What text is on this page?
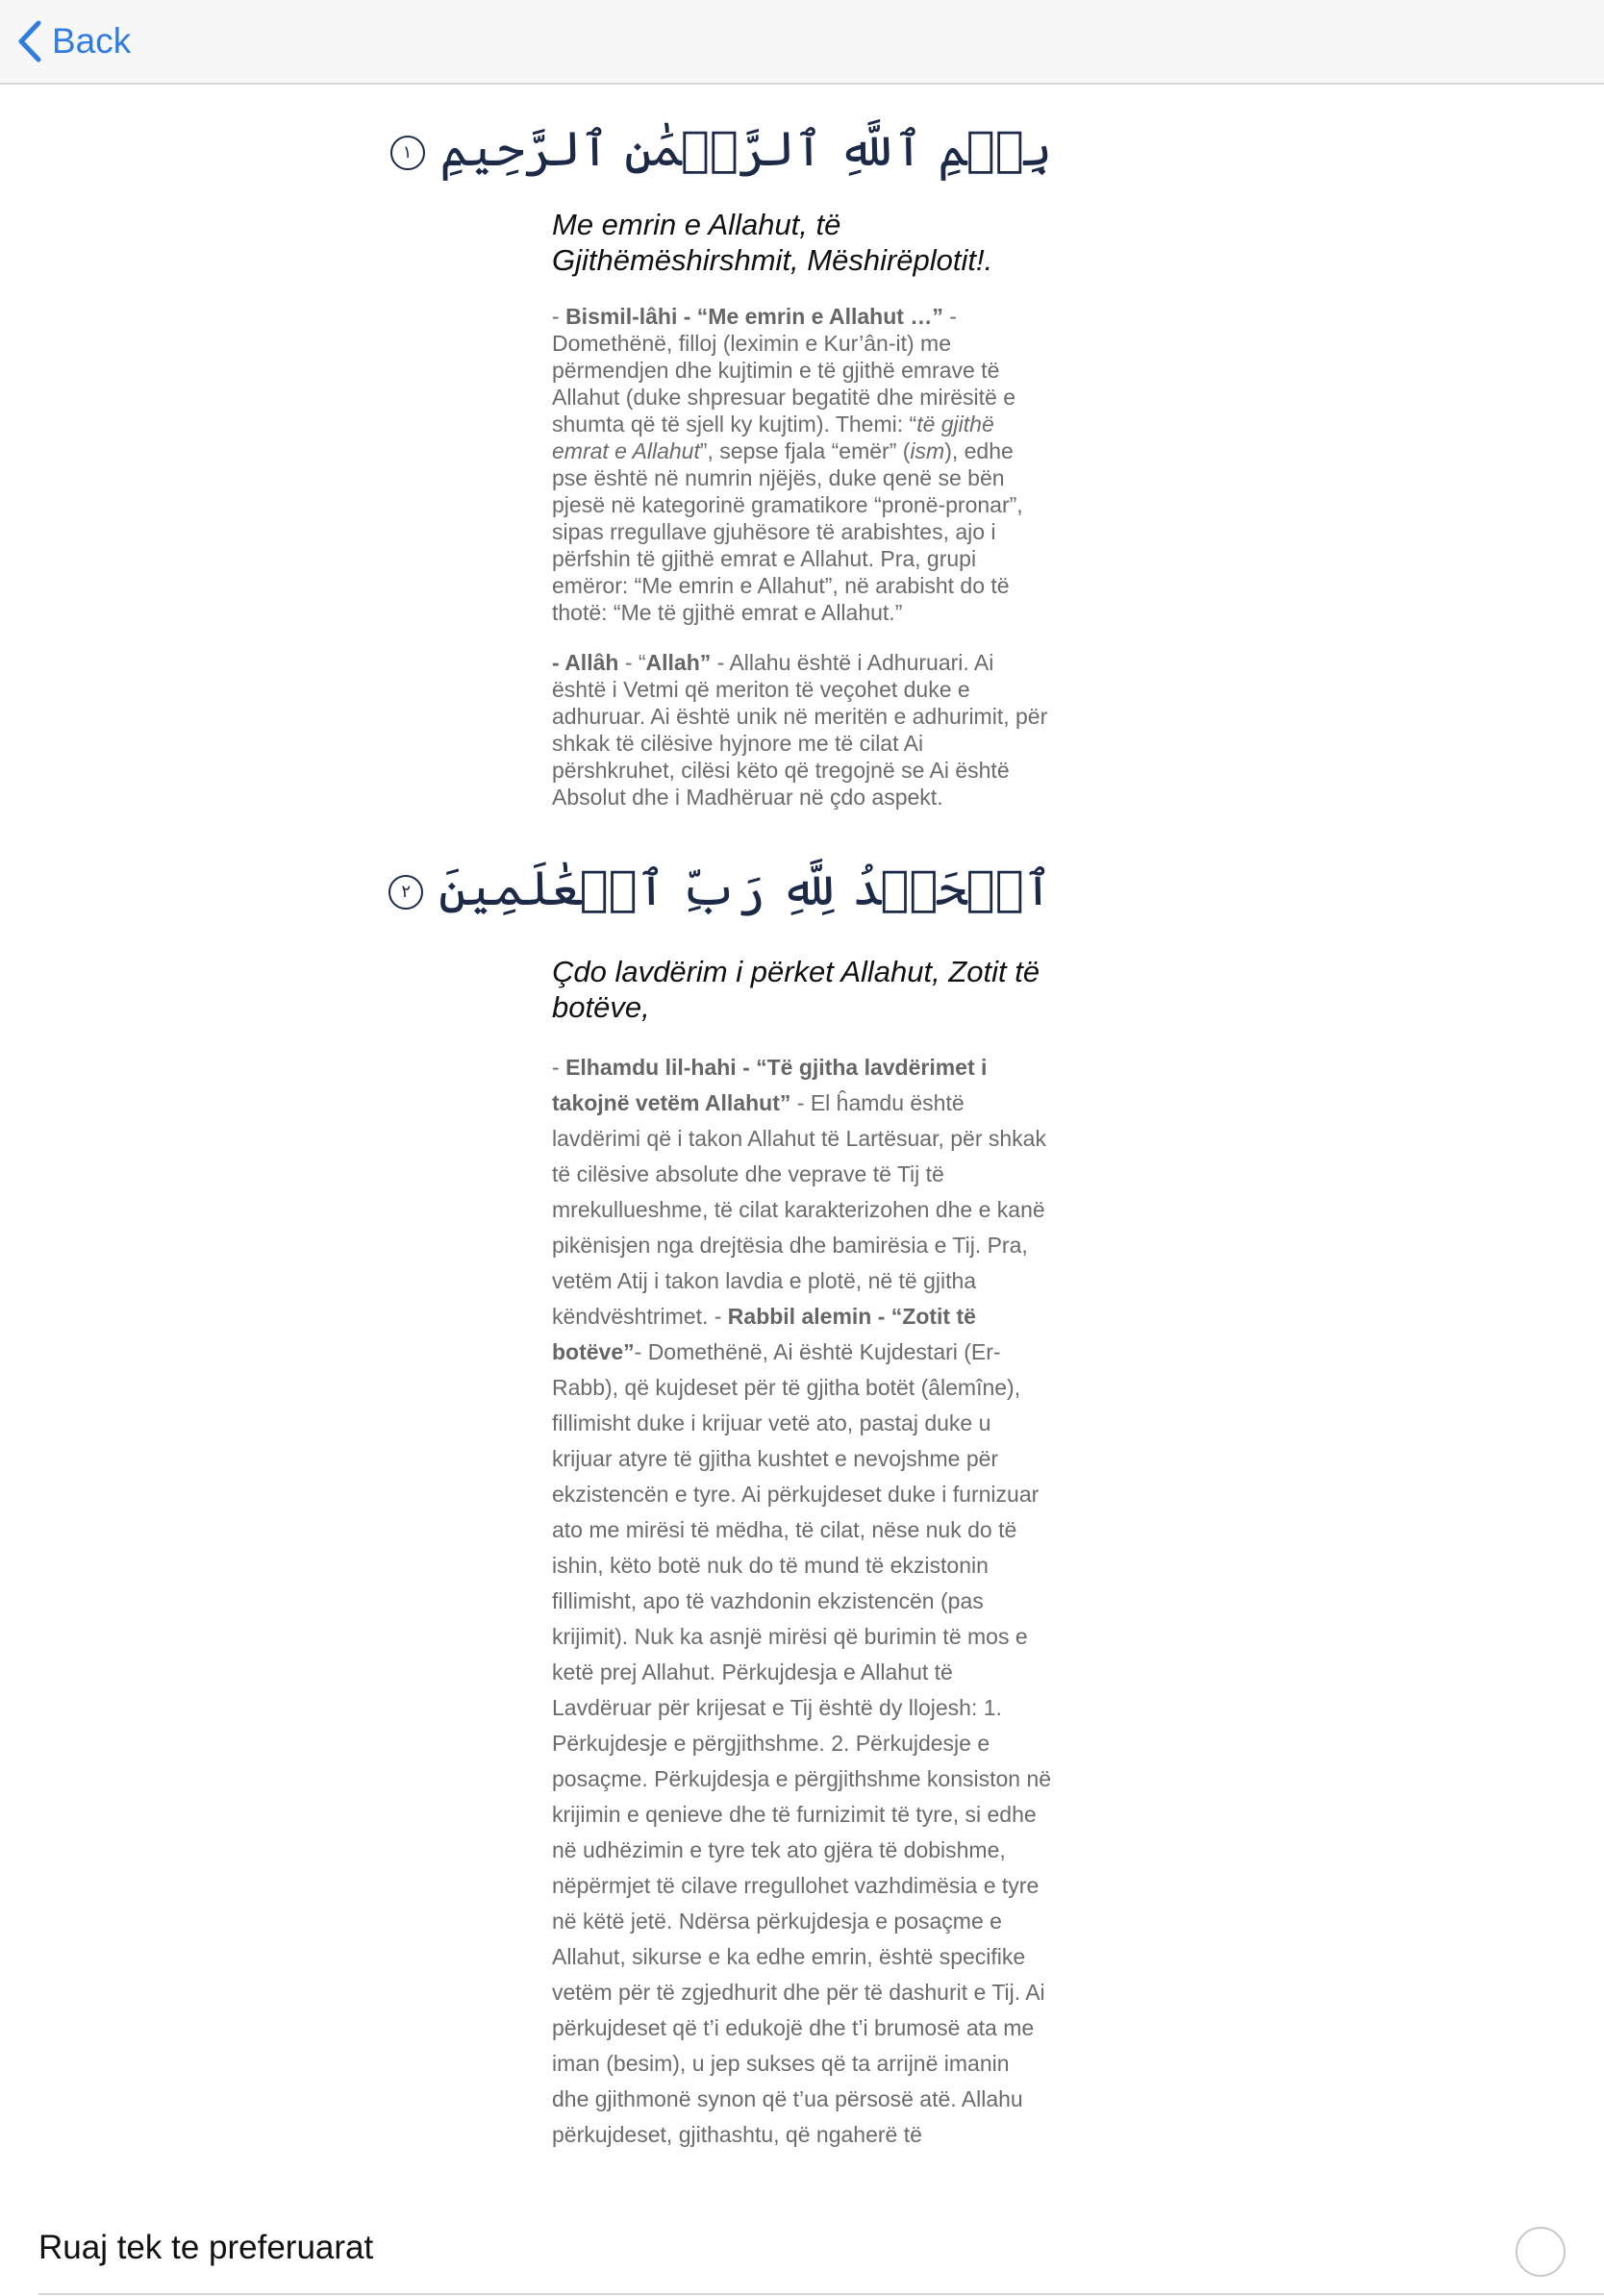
Back
بِسۡمِ ٱللَّهِ ٱلرَّحۡمَٰنِ ٱلرَّحِيمِ ١
Me emrin e Allahut, të Gjithëmëshirshmit, Mëshirëplotit!.
- Bismil-lâhi - “Me emrin e Allahut …” - Domethënë, filloj (leximin e Kur’ân-it) me përmendjen dhe kujtimin e të gjithë emrave të Allahut (duke shpresuar begatitë dhe mirësitë e shumta që të sjell ky kujtim). Themi: “të gjithë emrat e Allahut”, sepse fjala “emër” (ism), edhe pse është në numrin njëjës, duke qenë se bën pjesë në kategorinë gramatikore “pronë-pronar”, sipas rregullave gjuhësore të arabishtes, ajo i përfshin të gjithë emrat e Allahut. Pra, grupi emëror: “Me emrin e Allahut”, në arabisht do të thotë: “Me të gjithë emrat e Allahut.”
- Allâh - “Allah” - Allahu është i Adhuruari. Ai është i Vetmi që meriton të veçohet duke e adhuruar. Ai është unik në meritën e adhurimit, për shkak të cilësive hyjnore me të cilat Ai përshkruhet, cilësi këto që tregojnë se Ai është Absolut dhe i Madhëruar në çdo aspekt.
ٱلۡحَمۡدُ لِلَّهِ رَبِّ ٱلۡعَٰلَمِينَ ٢
Çdo lavdërim i përket Allahut, Zotit të botëve,
- Elhamdu lil-hahi - “Të gjitha lavdërimet i takojnë vetëm Allahut” - El ĥamdu është lavdërimi që i takon Allahut të Lartësuar, për shkak të cilësive absolute dhe veprave të Tij të mrekullueshme, të cilat karakterizohen dhe e kanë pikënisjen nga drejtësia dhe bamirësia e Tij. Pra, vetëm Atij i takon lavdia e plotë, në të gjitha këndvështrimet. - Rabbil alemin - “Zotit të botëve”- Domethënë, Ai është Kujdestari (Er-Rabb), që kujdeset për të gjitha botët (âlemîne), fillimisht duke i krijuar vetë ato, pastaj duke u krijuar atyre të gjitha kushtet e nevojshme për ekzistencën e tyre. Ai përkujdeset duke i furnizuar ato me mirësi të mëdha, të cilat, nëse nuk do të ishin, këto botë nuk do të mund të ekzistonin fillimisht, apo të vazhdonin ekzistencën (pas krijimit). Nuk ka asnjë mirësi që burimin të mos e ketë prej Allahut. Përkujdesja e Allahut të Lavdëruar për krijesat e Tij është dy llojesh: 1. Përkujdesje e përgjithshme. 2. Përkujdesje e posaçme. Përkujdesja e përgjithshme konsiston në krijimin e qenieve dhe të furnizimit të tyre, si edhe në udhëzimin e tyre tek ato gjëra të dobishme, nëpërmjet të cilave rregullohet vazhdimësia e tyre në këtë jetë. Ndërsa përkujdesja e posaçme e Allahut, sikurse e ka edhe emrin, është specifike vetëm për të zgjedhurit dhe për të dashurit e Tij. Ai përkujdeset që t’i edukojë dhe t’i brumosë ata me iman (besim), u jep sukses që ta arrijnë imanin dhe gjithmonë synon që t’ua përsosë atë. Allahu përkujdeset, gjithashtu, që ngaherë të
Ruaj tek te preferuarat
